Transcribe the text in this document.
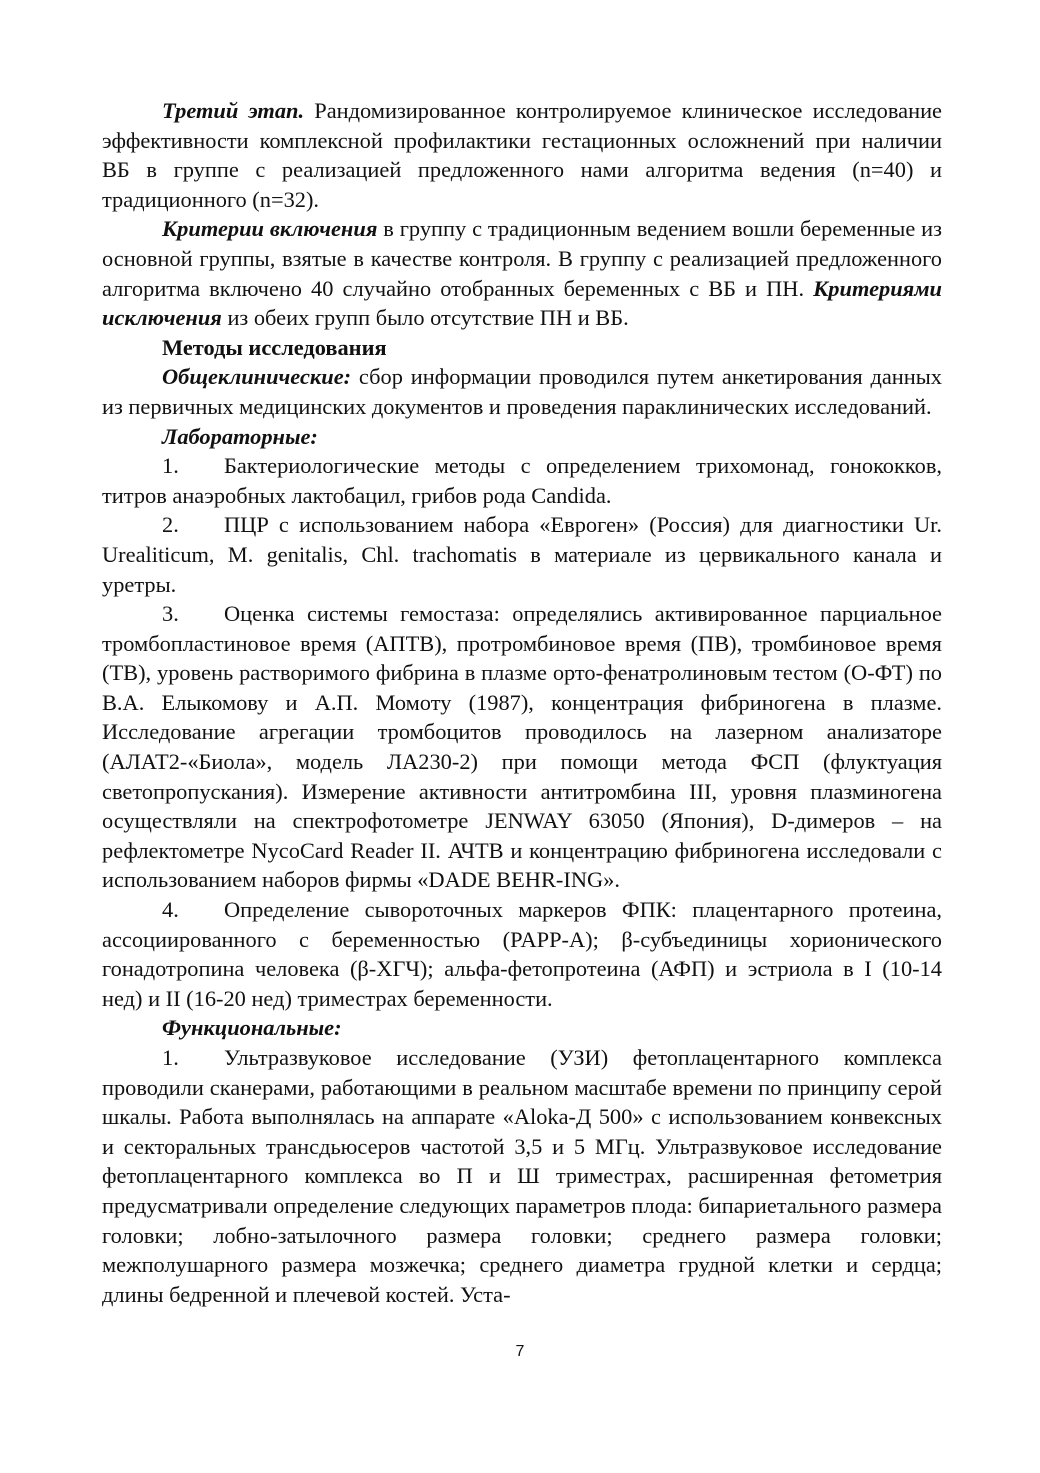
Третий этап. Рандомизированное контролируемое клиническое исследование эффективности комплексной профилактики гестационных осложнений при наличии ВБ в группе с реализацией предложенного нами алгоритма ведения (n=40) и традиционного (n=32).

Критерии включения в группу с традиционным ведением вошли беременные из основной группы, взятые в качестве контроля. В группу с реализацией предложенного алгоритма включено 40 случайно отобранных беременных с ВБ и ПН. Критериями исключения из обеих групп было отсутствие ПН и ВБ.

Методы исследования

Общеклинические: сбор информации проводился путем анкетирования данных из первичных медицинских документов и проведения параклинических исследований.

Лабораторные:

1. Бактериологические методы с определением трихомонад, гонококков, титров анаэробных лактобацил, грибов рода Candida.

2. ПЦР с использованием набора «Евроген» (Россия) для диагностики Ur. Urealiticum, M. genitalis, Chl. trachomatis в материале из цервикального канала и уретры.

3. Оценка системы гемостаза: определялись активированное парциальное тромбопластиновое время (АПТВ), протромбиновое время (ПВ), тромбиновое время (ТВ), уровень растворимого фибрина в плазме орто-фенатролиновым тестом (О-ФТ) по В.А. Елыкомову и А.П. Момоту (1987), концентрация фибриногена в плазме. Исследование агрегации тромбоцитов проводилось на лазерном анализаторе (АЛАТ2-«Биола», модель ЛА230-2) при помощи метода ФСП (флуктуация светопропускания). Измерение активности антитромбина III, уровня плазминогена осуществляли на спектрофотометре JENWAY 63050 (Япония), D-димеров – на рефлектометре NycoCard Reader II. АЧТВ и концентрацию фибриногена исследовали с использованием наборов фирмы «DADE BEHR-ING».

4. Определение сывороточных маркеров ФПК: плацентарного протеина, ассоциированного с беременностью (PAPP-A); β-субъединицы хорионического гонадотропина человека (β-ХГЧ); альфа-фетопротеина (АФП) и эстриола в I (10-14 нед) и II (16-20 нед) триместрах беременности.

Функциональные:

1. Ультразвуковое исследование (УЗИ) фетоплацентарного комплекса проводили сканерами, работающими в реальном масштабе времени по принципу серой шкалы. Работа выполнялась на аппарате «Aloka-Д 500» с использованием конвексных и секторальных трансдьюсеров частотой 3,5 и 5 МГц. Ультразвуковое исследование фетоплацентарного комплекса во П и Ш триместрах, расширенная фетометрия предусматривали определение следующих параметров плода: бипариетального размера головки; лобно-затылочного размера головки; среднего размера головки; межполушарного размера мозжечка; среднего диаметра грудной клетки и сердца; длины бедренной и плечевой костей. Уста-

7
